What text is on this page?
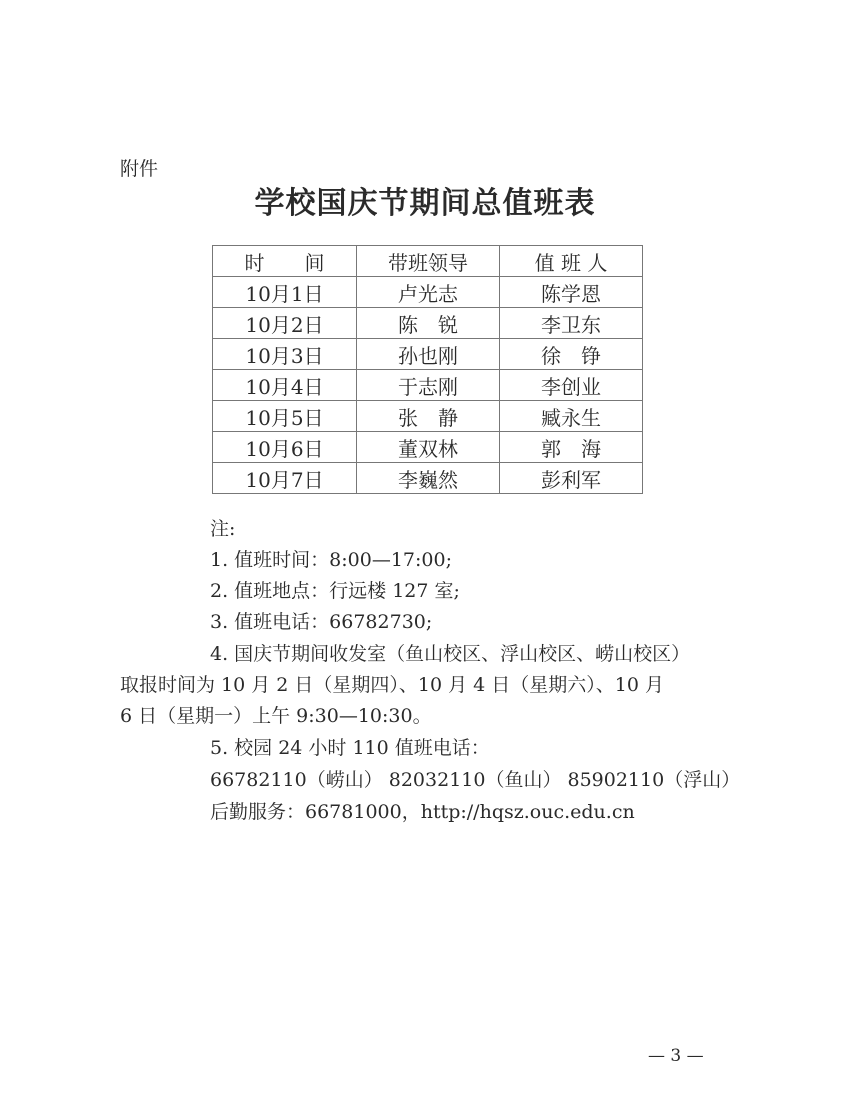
附件
学校国庆节期间总值班表
时　　间	带班领导	值 班 人
10月1日	卢光志	陈学恩
10月2日	陈　锐	李卫东
10月3日	孙也刚	徐　铮
10月4日	于志刚	李创业
10月5日	张　静	臧永生
10月6日	董双林	郭　海
10月7日	李巍然	彭利军
注:
1. 值班时间：8:00—17:00;
2. 值班地点：行远楼 127 室;
3. 值班电话：66782730;
4. 国庆节期间收发室（鱼山校区、浮山校区、崂山校区）
取报时间为 10 月 2 日（星期四）、10 月 4 日（星期六）、10 月
6 日（星期一）上午 9:30—10:30。
5. 校园 24 小时 110 值班电话：
66782110（崂山） 82032110（鱼山） 85902110（浮山）
后勤服务：66781000，http://hqsz.ouc.edu.cn
— 3 —
